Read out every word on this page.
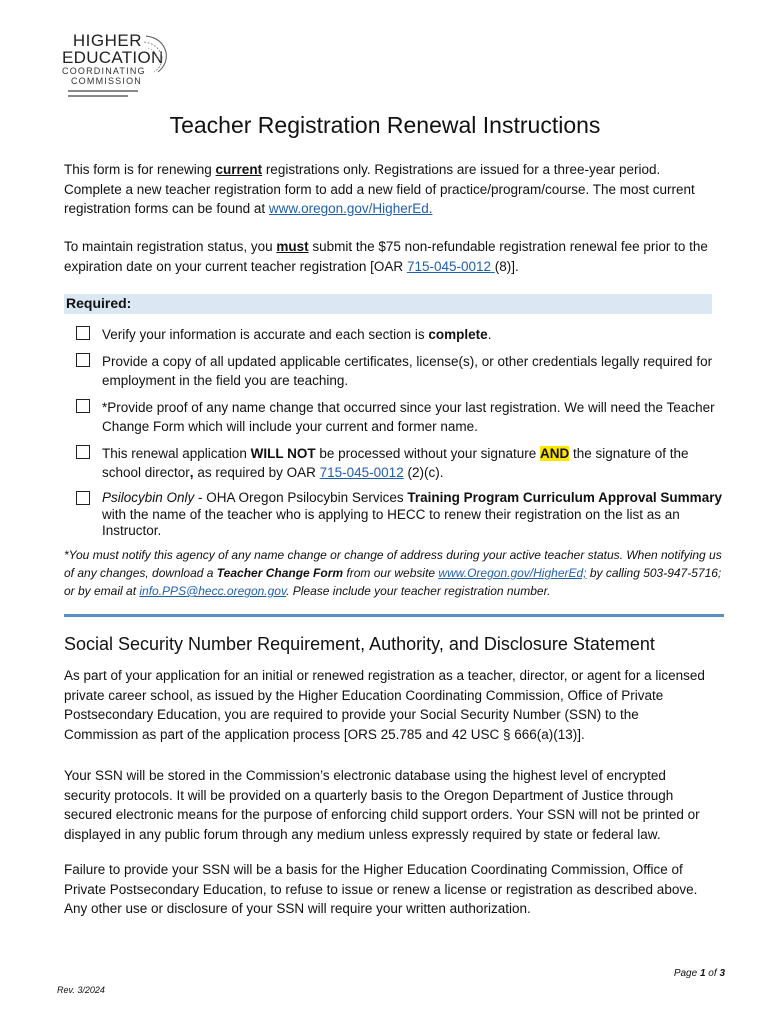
HIGHER
EDUCATION
COORDINATING
COMMISSION
Teacher Registration Renewal Instructions
This form is for renewing current registrations only. Registrations are issued for a three-year period. Complete a new teacher registration form to add a new field of practice/program/course. The most current registration forms can be found at www.oregon.gov/HigherEd.
To maintain registration status, you must submit the $75 non-refundable registration renewal fee prior to the expiration date on your current teacher registration [OAR 715-045-0012 (8)].
Required:
Verify your information is accurate and each section is complete.
Provide a copy of all updated applicable certificates, license(s), or other credentials legally required for employment in the field you are teaching.
*Provide proof of any name change that occurred since your last registration. We will need the Teacher Change Form which will include your current and former name.
This renewal application WILL NOT be processed without your signature AND the signature of the school director, as required by OAR 715-045-0012 (2)(c).
Psilocybin Only - OHA Oregon Psilocybin Services Training Program Curriculum Approval Summary with the name of the teacher who is applying to HECC to renew their registration on the list as an Instructor.
*You must notify this agency of any name change or change of address during your active teacher status. When notifying us of any changes, download a Teacher Change Form from our website www.Oregon.gov/HigherEd; by calling 503-947-5716; or by email at info.PPS@hecc.oregon.gov. Please include your teacher registration number.
Social Security Number Requirement, Authority, and Disclosure Statement
As part of your application for an initial or renewed registration as a teacher, director, or agent for a licensed private career school, as issued by the Higher Education Coordinating Commission, Office of Private Postsecondary Education, you are required to provide your Social Security Number (SSN) to the Commission as part of the application process [ORS 25.785 and 42 USC § 666(a)(13)].
Your SSN will be stored in the Commission’s electronic database using the highest level of encrypted security protocols. It will be provided on a quarterly basis to the Oregon Department of Justice through secured electronic means for the purpose of enforcing child support orders. Your SSN will not be printed or displayed in any public forum through any medium unless expressly required by state or federal law.
Failure to provide your SSN will be a basis for the Higher Education Coordinating Commission, Office of Private Postsecondary Education, to refuse to issue or renew a license or registration as described above. Any other use or disclosure of your SSN will require your written authorization.
Page 1 of 3
Rev. 3/2024
